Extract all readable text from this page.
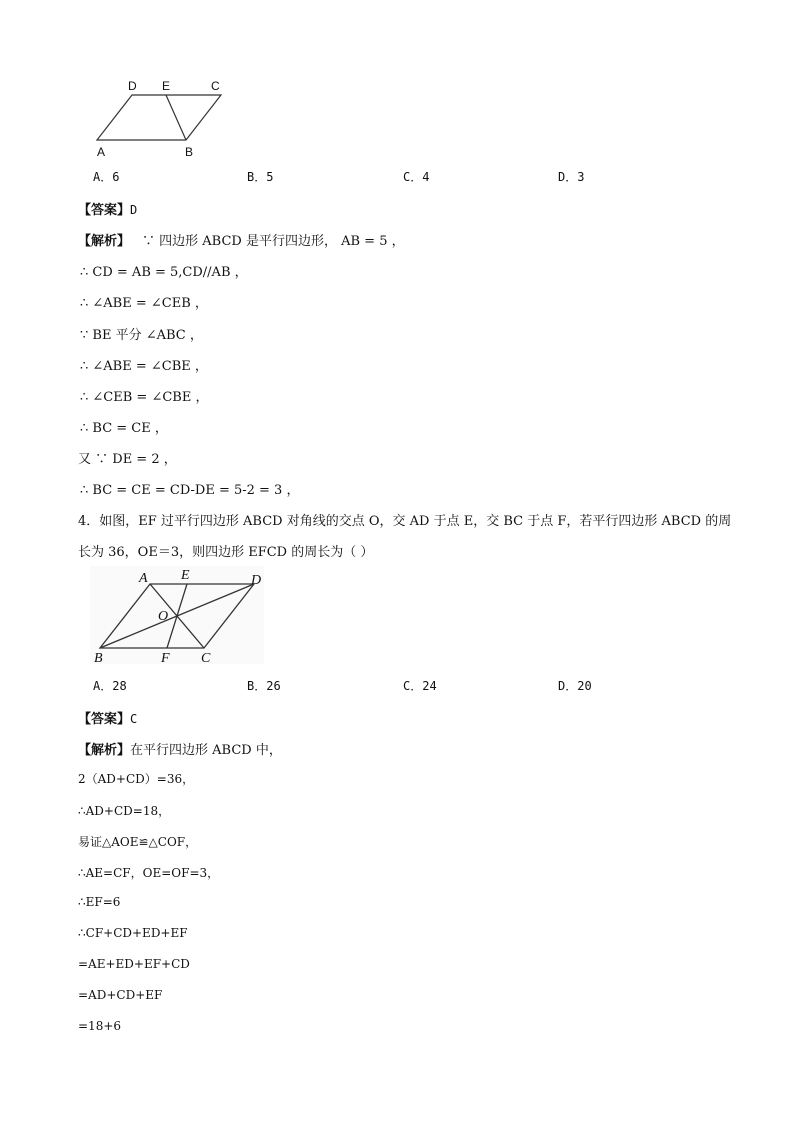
D E	C
A	B
A．6	B．5	C．4	D．3
【答案】D
【解析】 ∵ 四边形 ABCD 是平行四边形， AB = 5 ，
∴ CD = AB = 5,CD//AB ，
∴ ∠ABE = ∠CEB ，
∵ BE 平分 ∠ABC ，
∴ ∠ABE = ∠CBE ，
∴ ∠CEB = ∠CBE ，
∴ BC = CE ，
又 ∵ DE = 2 ，
∴ BC = CE = CD-DE = 5-2 = 3 ，
4．如图，EF 过平行四边形 ABCD 对角线的交点 O，交 AD 于点 E，交 BC 于点 F，若平行四边形 ABCD 的周
长为 36，OE＝3，则四边形 EFCD 的周长为（ ）
A E	D
O
B	F C
A．28	B．26	C．24	D．20
【答案】C
【解析】在平行四边形 ABCD 中，
2（AD+CD）=36，
∴AD+CD=18，
易证△AOE≌△COF，
∴AE=CF，OE=OF=3，
∴EF=6
∴CF+CD+ED+EF
=AE+ED+EF+CD
=AD+CD+EF
=18+6
